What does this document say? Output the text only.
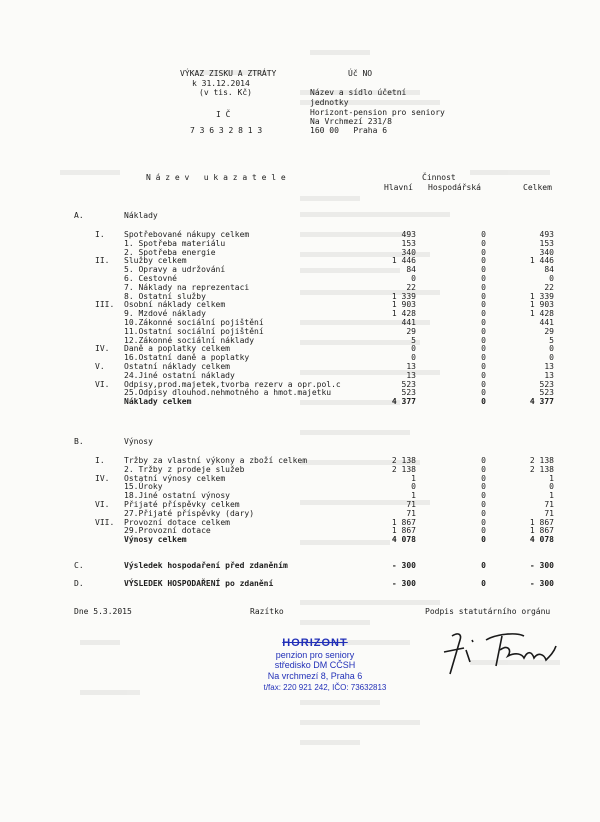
VÝKAZ ZISKU A ZTRÁTY
k 31.12.2014
(v tis. Kč)
I Č
7 3 6 3 2 8 1 3
Úč NO
Název a sídlo účetní
jednotky
Horizont-pension pro seniory
Na Vrchmezí 231/8
160 00   Praha 6
N á z e v   u k a z a t e l e	Činnost
Hlavní Hospodářská	Celkem
A.	Náklady
I. Spotřebované nákupy celkem	493	0	493
1. Spotřeba materiálu	153	0	153
2. Spotřeba energie	340	0	340
II. Služby celkem	1 446	0	1 446
5. Opravy a udržování	84	0	84
6. Cestovné	0	0	0
7. Náklady na reprezentaci	22	0	22
8. Ostatní služby	1 339	0	1 339
III. Osobní náklady celkem	1 903	0	1 903
9. Mzdové náklady	1 428	0	1 428
10.Zákonné sociální pojištění	441	0	441
11.Ostatní sociální pojištění	29	0	29
12.Zákonné sociální náklady	5	0	5
IV. Daně a poplatky celkem	0	0	0
16.Ostatní daně a poplatky	0	0	0
V. Ostatní náklady celkem	13	0	13
24.Jiné ostatní náklady	13	0	13
VI. Odpisy,prod.majetek,tvorba rezerv a opr.pol.c	523	0	523
25.Odpisy dlouhod.nehmotného a hmot.majetku	523	0	523
Náklady celkem	4 377	0	4 377
B.	Výnosy
I. Tržby za vlastní výkony a zboží celkem	2 138	0	2 138
2. Tržby z prodeje služeb	2 138	0	2 138
IV. Ostatní výnosy celkem	1	0	1
15.Úroky	0	0	0
18.Jiné ostatní výnosy	1	0	1
VI. Přijaté příspěvky celkem	71	0	71
27.Přijaté příspěvky (dary)	71	0	71
VII. Provozní dotace celkem	1 867	0	1 867
29.Provozní dotace	1 867	0	1 867
Výnosy celkem	4 078	0	4 078
C.	Výsledek hospodaření před zdaněním	- 300	0	- 300
D.	VÝSLEDEK HOSPODAŘENÍ po zdanění	- 300	0	- 300
Dne 5.3.2015	Razítko	Podpis statutárního orgánu
HORIZONT
penzion pro seniory
středisko DM CČSH
Na vrchmezí 8, Praha 6
t/fax: 220 921 242, IČO: 73632813
